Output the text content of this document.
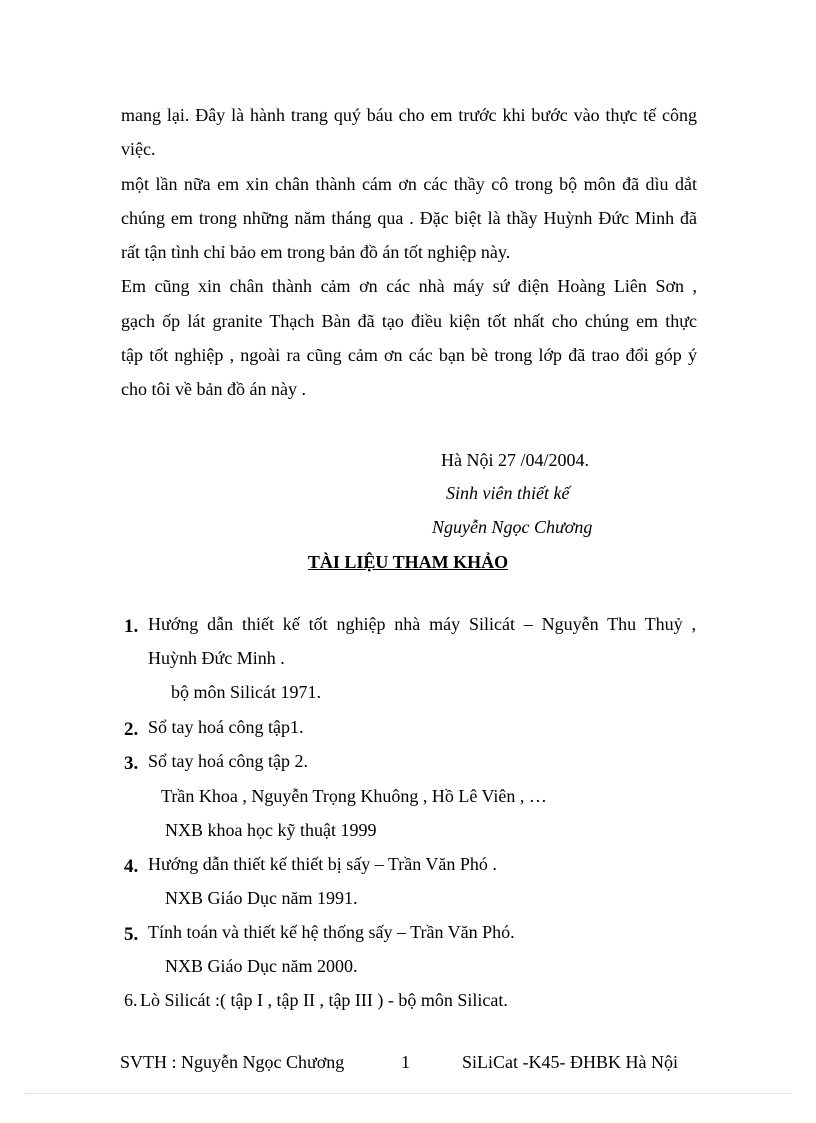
mang lại. Đây là hành trang quý báu cho em trước khi bước vào thực tế công
việc.
một lần nữa em xin chân thành cám ơn các thầy cô trong bộ môn đã dìu dắt
chúng em trong những năm tháng qua . Đặc biệt là thầy Huỳnh Đức Minh đã
rất tận tình chỉ bảo em trong bản đồ án tốt nghiệp này.
Em cũng xin chân thành cảm ơn các nhà máy sứ điện Hoàng Liên Sơn ,
gạch ốp lát granite Thạch Bàn đã tạo điều kiện tốt nhất cho chúng em thực
tập tốt nghiệp , ngoài ra cũng cảm ơn các bạn bè trong lớp đã trao đổi góp ý
cho tôi về bản đồ án này .
Hà Nội 27 /04/2004.
Sinh viên thiết kế
Nguyễn Ngọc Chương
TÀI LIỆU THAM KHẢO
1. Hướng dẫn thiết kế tốt nghiệp nhà máy Silicát – Nguyễn Thu Thuỷ ,
Huỳnh Đức Minh .
bộ môn Silicát 1971.
2. Sổ tay hoá công tập1.
3. Sổ tay hoá công tập 2.
Trần Khoa , Nguyễn Trọng Khuông , Hồ Lê Viên , …
NXB khoa học kỹ thuật 1999
4. Hướng dẫn thiết kế thiết bị sấy – Trần Văn Phó .
NXB Giáo Dục năm 1991.
5. Tính toán và thiết kế hệ thống sấy – Trần Văn Phó.
NXB Giáo Dục năm 2000.
6. Lò Silicát :( tập I , tập II , tập III ) - bộ môn Silicat.
SVTH : Nguyễn Ngọc Chương	1	SiLiCat -K45- ĐHBK Hà Nội
